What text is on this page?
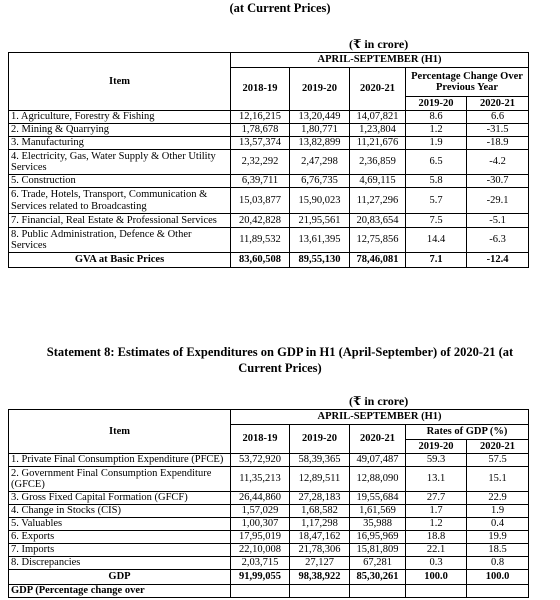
(at Current Prices)
(₹ in crore)
Item	APRIL-SEPTEMBER (H1)				
	2018-19	2019-20	2020-21	Percentage Change Over Previous Year	
				2019-20	2020-21
1. Agriculture, Forestry & Fishing	12,16,215	13,20,449	14,07,821	8.6	6.6
2. Mining & Quarrying	1,78,678	1,80,771	1,23,804	1.2	-31.5
3. Manufacturing	13,57,374	13,82,899	11,21,676	1.9	-18.9
4. Electricity, Gas, Water Supply & Other Utility Services	2,32,292	2,47,298	2,36,859	6.5	-4.2
5. Construction	6,39,711	6,76,735	4,69,115	5.8	-30.7
6. Trade, Hotels, Transport, Communication & Services related to Broadcasting	15,03,877	15,90,023	11,27,296	5.7	-29.1
7. Financial, Real Estate & Professional Services	20,42,828	21,95,561	20,83,654	7.5	-5.1
8. Public Administration, Defence & Other Services	11,89,532	13,61,395	12,75,856	14.4	-6.3
GVA at Basic Prices	83,60,508	89,55,130	78,46,081	7.1	-12.4
Statement 8: Estimates of Expenditures on GDP in H1 (April-September) of 2020-21 (at
Current Prices)
(₹ in crore)
Item	APRIL-SEPTEMBER (H1)				
	2018-19	2019-20	2020-21	Rates of GDP (%)	
				2019-20	2020-21
1. Private Final Consumption Expenditure (PFCE)	53,72,920	58,39,365	49,07,487	59.3	57.5
2. Government Final Consumption Expenditure (GFCE)	11,35,213	12,89,511	12,88,090	13.1	15.1
3. Gross Fixed Capital Formation (GFCF)	26,44,860	27,28,183	19,55,684	27.7	22.9
4. Change in Stocks (CIS)	1,57,029	1,68,582	1,61,569	1.7	1.9
5. Valuables	1,00,307	1,17,298	35,988	1.2	0.4
6. Exports	17,95,019	18,47,162	16,95,969	18.8	19.9
7. Imports	22,10,008	21,78,306	15,81,809	22.1	18.5
8. Discrepancies	2,03,715	27,127	67,281	0.3	0.8
GDP	91,99,055	98,38,922	85,30,261	100.0	100.0
GDP (Percentage change over					
